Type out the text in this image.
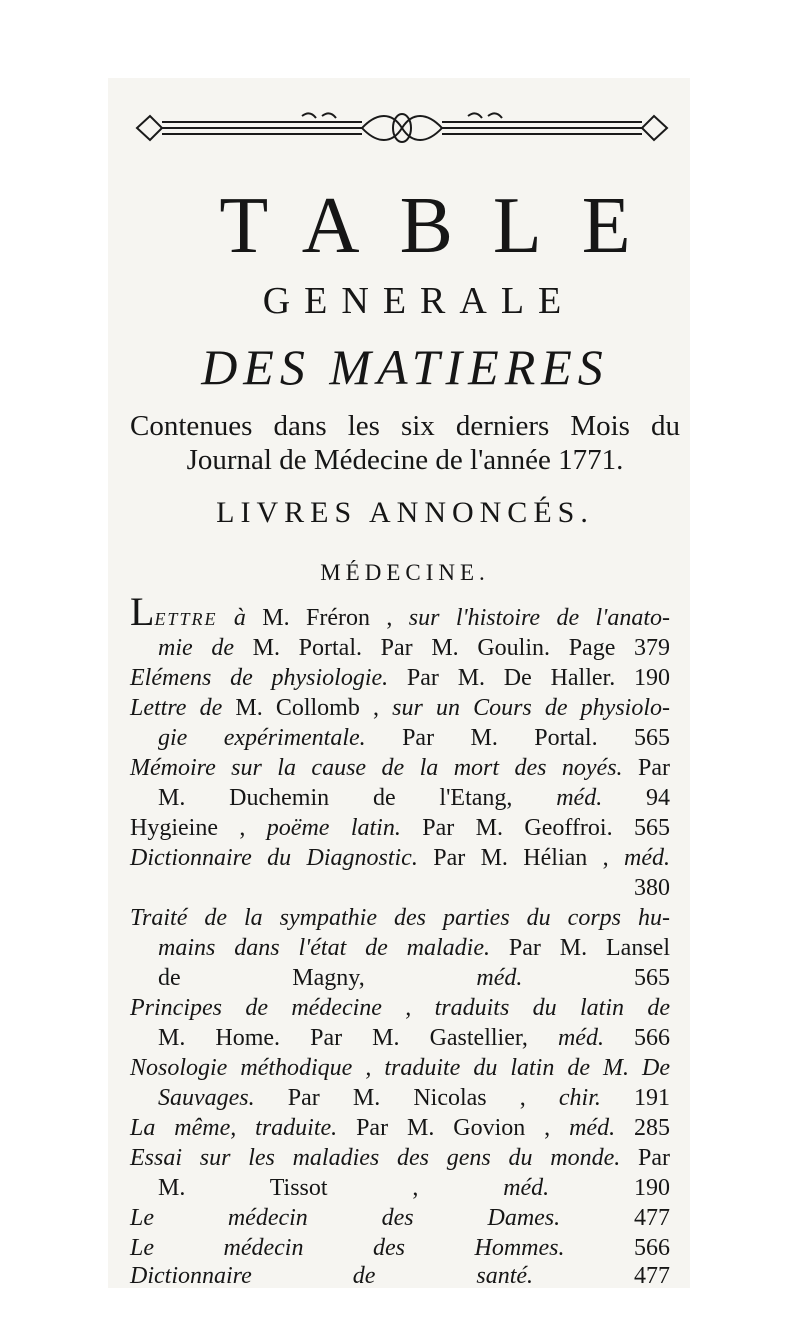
TABLE
GENERALE
DES MATIERES
Contenues dans les six derniers Mois du
Journal de Médecine de l'année 1771.
LIVRES ANNONCÉS.
MÉDECINE.
LETTRE à M. Fréron , sur l'histoire de l'anato-
mie de M. Portal. Par M. Goulin. Page 379
Elémens de physiologie. Par M. De Haller. 190
Lettre de M. Collomb , sur un Cours de physiolo-
gie expérimentale. Par M. Portal. 565
Mémoire sur la cause de la mort des noyés. Par
M. Duchemin de l'Etang, méd. 94
Hygieine , poëme latin. Par M. Geoffroi. 565
Dictionnaire du Diagnostic. Par M. Hélian , méd.
380
Traité de la sympathie des parties du corps hu-
mains dans l'état de maladie. Par M. Lansel
de Magny, méd.	565
Principes de médecine , traduits du latin de
M. Home. Par M. Gastellier, méd. 566
Nosologie méthodique , traduite du latin de M. De
Sauvages. Par M. Nicolas , chir. 191
La même, traduite. Par M. Govion , méd. 285
Essai sur les maladies des gens du monde. Par
M. Tissot , méd.	190
Le médecin des Dames.	477
Le médecin des Hommes.	566
Dictionnaire de santé.	477
